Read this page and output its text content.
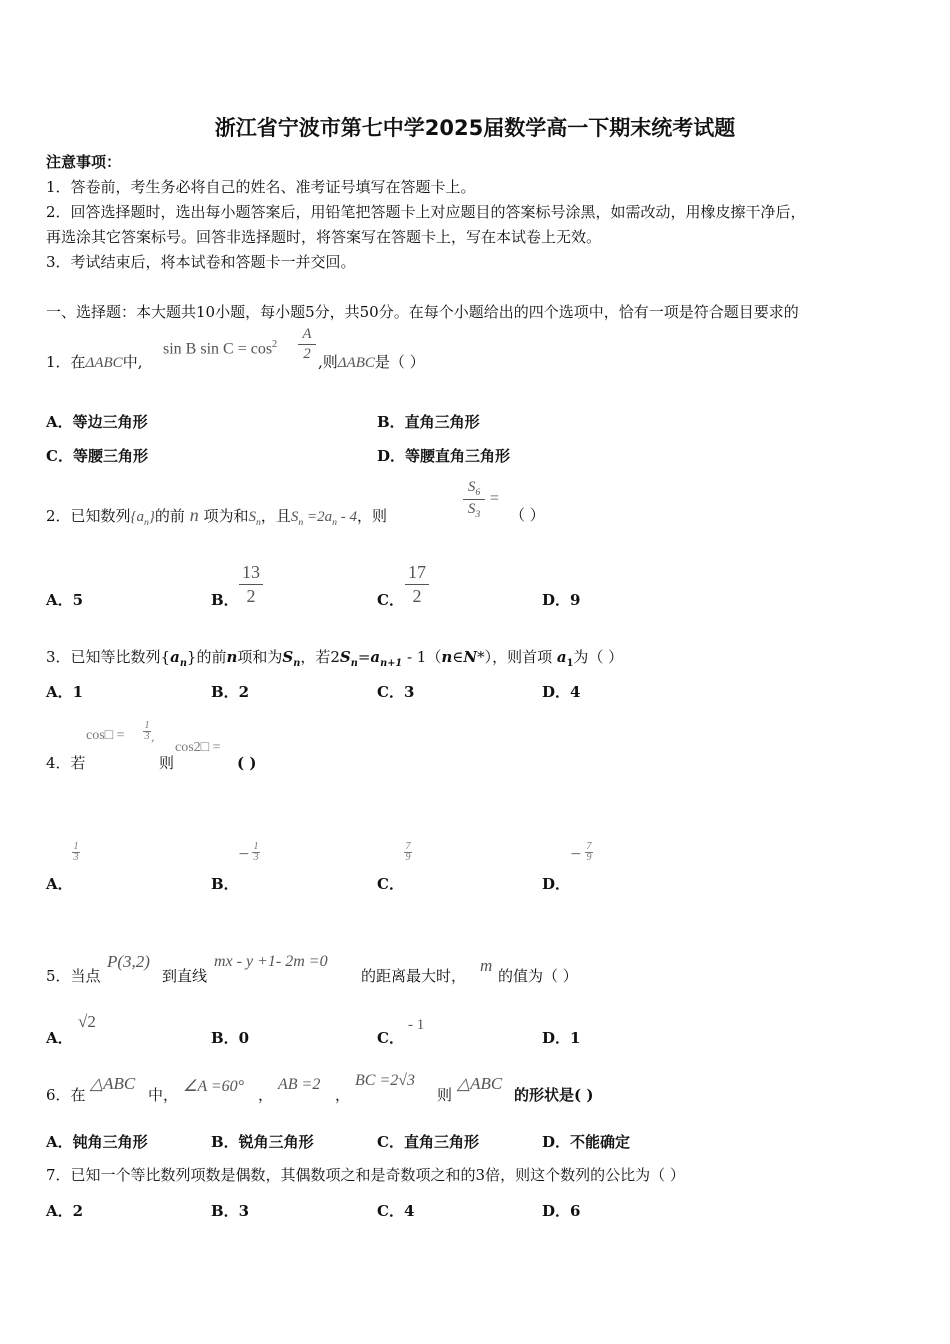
浙江省宁波市第七中学2025届数学高一下期末统考试题
注意事项：
1．答卷前，考生务必将自己的姓名、准考证号填写在答题卡上。
2．回答选择题时，选出每小题答案后，用铅笔把答题卡上对应题目的答案标号涂黑，如需改动，用橡皮擦干净后，
再选涂其它答案标号。回答非选择题时，将答案写在答题卡上，写在本试卷上无效。
3．考试结束后，将本试卷和答题卡一并交回。
一、选择题：本大题共10小题，每小题5分，共50分。在每个小题给出的四个选项中，恰有一项是符合题目要求的
1．在ΔABC中,
sin B $\sin C = \cos^2$
A
2 ,则ΔABC是（ ）
A．等边三角形	B．直角三角形
C．等腰三角形	D．等腰直角三角形
2．已知数列$\{a_n\}$的前 n 项为和$S_n$，且$S_n =2a_n - 4$，则
$S_6$
$S_3$
=
（ ）
A．5	B．
13
2	C．
17
2	D．9
3．已知等比数列$\{a_n\}$的前n项和为$S_n$，若$2S_n=a_{n+1}$ - 1（n∈N*），则首项 $a_1$为（ ）
A．1	B．2	C．3	D．4
4．若
cos□ =
1
3 ,
则
cos2□ =
( )
A．
1
3
B．
− 1
3
C．
7
9
D．
− 7
9
5．当点
P(3,2)
到直线
mx - y +1- 2m =0
的距离最大时，
m
的值为（ ）
A．
√2
B．0	C．
- 1
D．1
6．在
△ABC
中， ∠A =60° ，
AB =2
，
BC =2√3
则
△ABC
的形状是( )
A．钝角三角形	B．锐角三角形	C．直角三角形	D．不能确定
7．已知一个等比数列项数是偶数，其偶数项之和是奇数项之和的3倍，则这个数列的公比为（ ）
A．2	B．3	C．4	D．6
